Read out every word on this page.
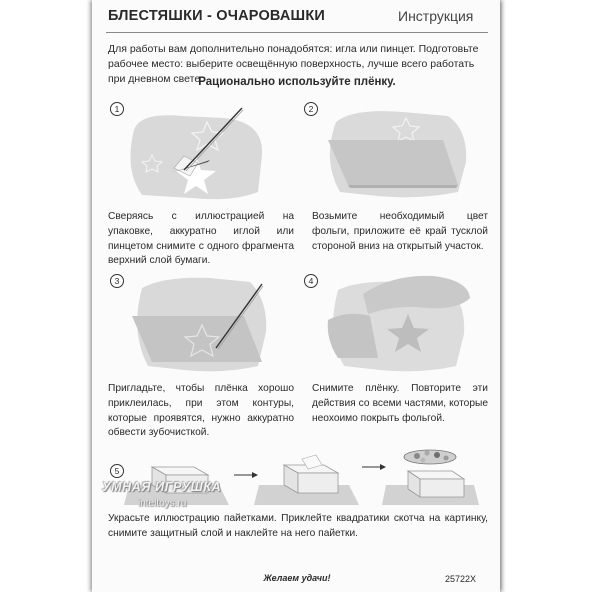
БЛЕСТЯШКИ - ОЧАРОВАШКИ	Инструкция
Для работы вам дополнительно понадобятся: игла или пинцет. Подготовьте рабочее место: выберите освещённую поверхность, лучше всего работать при дневном свете.
Рационально используйте плёнку.
1
Сверяясь с иллюстрацией на упаковке, аккуратно иглой или пинцетом снимите с одного фрагмента верхний слой бумаги.
2
Возьмите необходимый цвет фольги, приложите её край тусклой стороной вниз на открытый участок.
3
Пригладьте, чтобы плёнка хорошо приклеилась, при этом контуры, которые проявятся, нужно аккуратно обвести зубочисткой.
4
Снимите плёнку. Повторите эти действия со всеми частями, которые неохоимо покрыть фольгой.
5
УМНАЯ ИГРУШКА
inteltoys.ru
Украсьте иллюстрацию пайетками. Приклейте квадратики скотча на картинку, снимите защитный слой и наклейте на него пайетки.
Желаем удачи!	25722X
